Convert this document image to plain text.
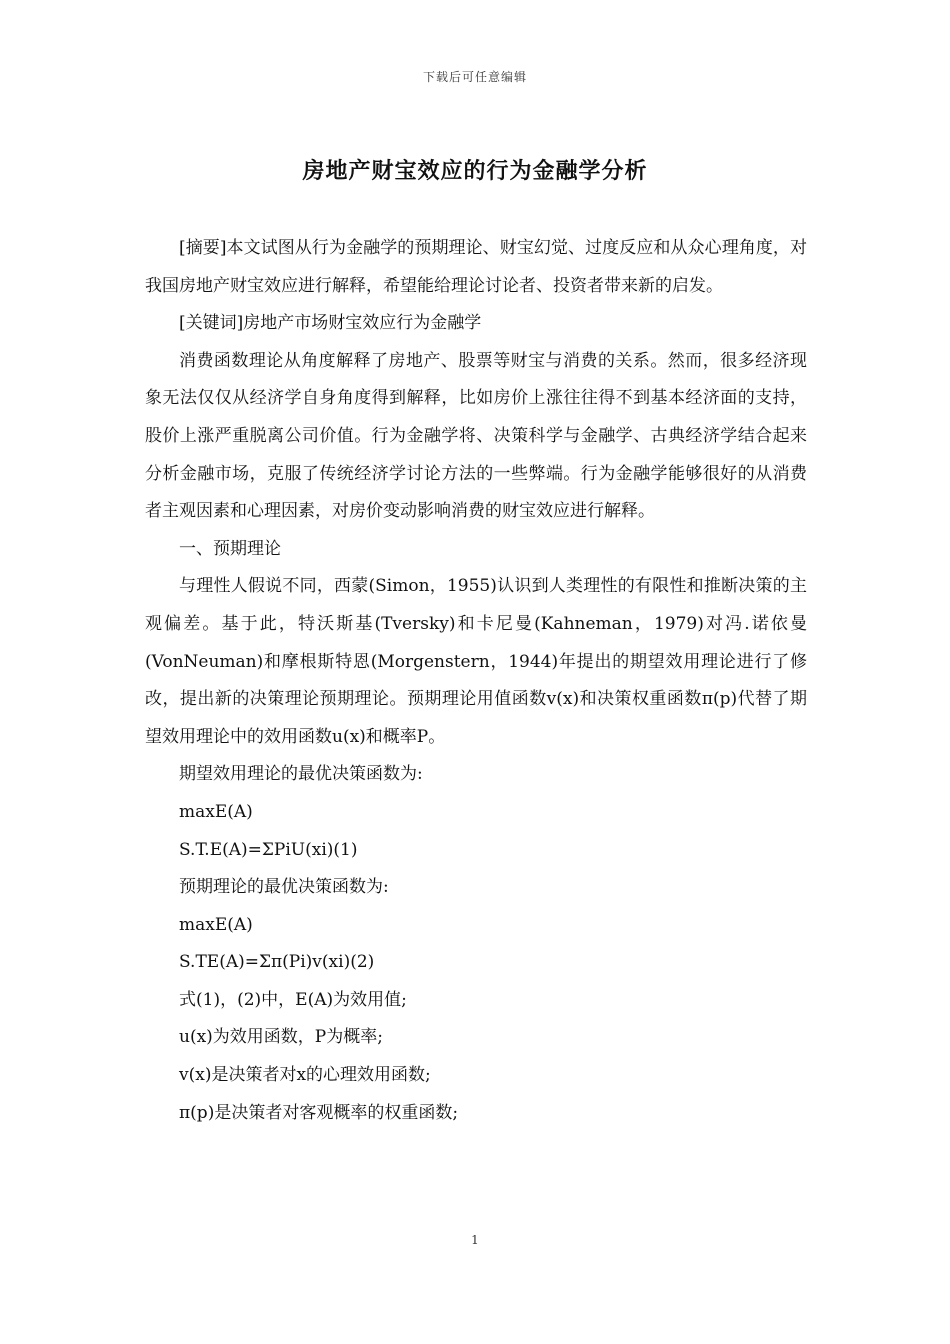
下载后可任意编辑
房地产财宝效应的行为金融学分析

[摘要]本文试图从行为金融学的预期理论、财宝幻觉、过度反应和从众心理角度，对我国房地产财宝效应进行解释，希望能给理论讨论者、投资者带来新的启发。

[关键词]房地产市场财宝效应行为金融学

消费函数理论从角度解释了房地产、股票等财宝与消费的关系。然而，很多经济现象无法仅仅从经济学自身角度得到解释，比如房价上涨往往得不到基本经济面的支持，股价上涨严重脱离公司价值。行为金融学将、决策科学与金融学、古典经济学结合起来分析金融市场，克服了传统经济学讨论方法的一些弊端。行为金融学能够很好的从消费者主观因素和心理因素，对房价变动影响消费的财宝效应进行解释。

一、预期理论

与理性人假说不同，西蒙(Simon，1955)认识到人类理性的有限性和推断决策的主观偏差。基于此，特沃斯基(Tversky)和卡尼曼(Kahneman，1979)对冯.诺依曼(VonNeuman)和摩根斯特恩(Morgenstern，1944)年提出的期望效用理论进行了修改，提出新的决策理论预期理论。预期理论用值函数v(x)和决策权重函数π(p)代替了期望效用理论中的效用函数u(x)和概率P。

期望效用理论的最优决策函数为:

maxE(A)

S.T.E(A)=ΣPiU(xi)(1)

预期理论的最优决策函数为:

maxE(A)

S.TE(A)=Σπ(Pi)v(xi)(2)

式(1)，(2)中，E(A)为效用值;

u(x)为效用函数，P为概率;

v(x)是决策者对x的心理效用函数;

π(p)是决策者对客观概率的权重函数;

1
